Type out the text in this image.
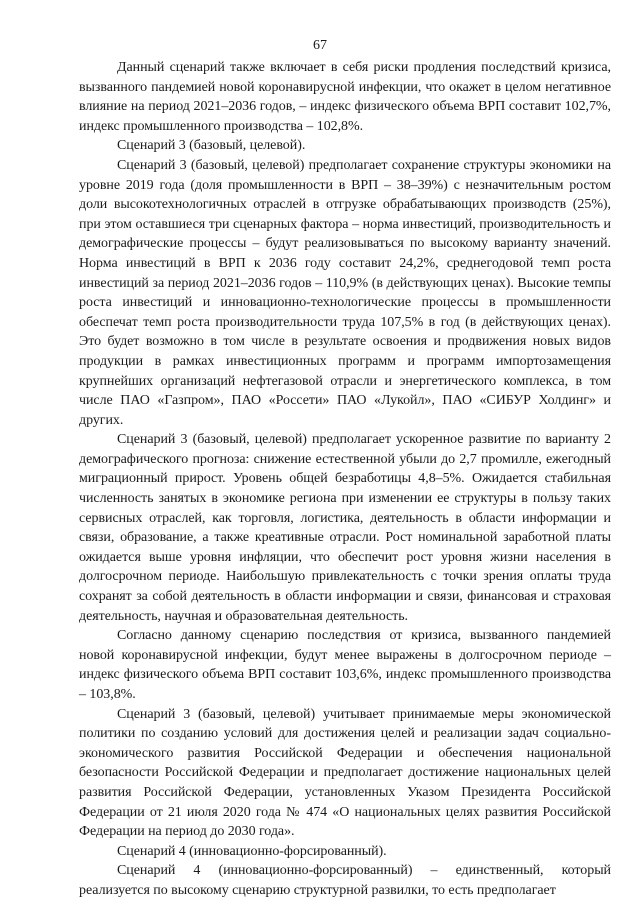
67

Данный сценарий также включает в себя риски продления последствий кризиса, вызванного пандемией новой коронавирусной инфекции, что окажет в целом негативное влияние на период 2021–2036 годов, – индекс физического объема ВРП составит 102,7%, индекс промышленного производства – 102,8%.

Сценарий 3 (базовый, целевой).

Сценарий 3 (базовый, целевой) предполагает сохранение структуры экономики на уровне 2019 года (доля промышленности в ВРП – 38–39%) с незначительным ростом доли высокотехнологичных отраслей в отгрузке обрабатывающих производств (25%), при этом оставшиеся три сценарных фактора – норма инвестиций, производительность и демографические процессы – будут реализовываться по высокому варианту значений. Норма инвестиций в ВРП к 2036 году составит 24,2%, среднегодовой темп роста инвестиций за период 2021–2036 годов – 110,9% (в действующих ценах). Высокие темпы роста инвестиций и инновационно-технологические процессы в промышленности обеспечат темп роста производительности труда 107,5% в год (в действующих ценах). Это будет возможно в том числе в результате освоения и продвижения новых видов продукции в рамках инвестиционных программ и программ импортозамещения крупнейших организаций нефтегазовой отрасли и энергетического комплекса, в том числе ПАО «Газпром», ПАО «Россети» ПАО «Лукойл», ПАО «СИБУР Холдинг» и других.

Сценарий 3 (базовый, целевой) предполагает ускоренное развитие по варианту 2 демографического прогноза: снижение естественной убыли до 2,7 промилле, ежегодный миграционный прирост. Уровень общей безработицы 4,8–5%. Ожидается стабильная численность занятых в экономике региона при изменении ее структуры в пользу таких сервисных отраслей, как торговля, логистика, деятельность в области информации и связи, образование, а также креативные отрасли. Рост номинальной заработной платы ожидается выше уровня инфляции, что обеспечит рост уровня жизни населения в долгосрочном периоде. Наибольшую привлекательность с точки зрения оплаты труда сохранят за собой деятельность в области информации и связи, финансовая и страховая деятельность, научная и образовательная деятельность.

Согласно данному сценарию последствия от кризиса, вызванного пандемией новой коронавирусной инфекции, будут менее выражены в долгосрочном периоде – индекс физического объема ВРП составит 103,6%, индекс промышленного производства – 103,8%.

Сценарий 3 (базовый, целевой) учитывает принимаемые меры экономической политики по созданию условий для достижения целей и реализации задач социально-экономического развития Российской Федерации и обеспечения национальной безопасности Российской Федерации и предполагает достижение национальных целей развития Российской Федерации, установленных Указом Президента Российской Федерации от 21 июля 2020 года № 474 «О национальных целях развития Российской Федерации на период до 2030 года».

Сценарий 4 (инновационно-форсированный).

Сценарий 4 (инновационно-форсированный) – единственный, который реализуется по высокому сценарию структурной развилки, то есть предполагает
